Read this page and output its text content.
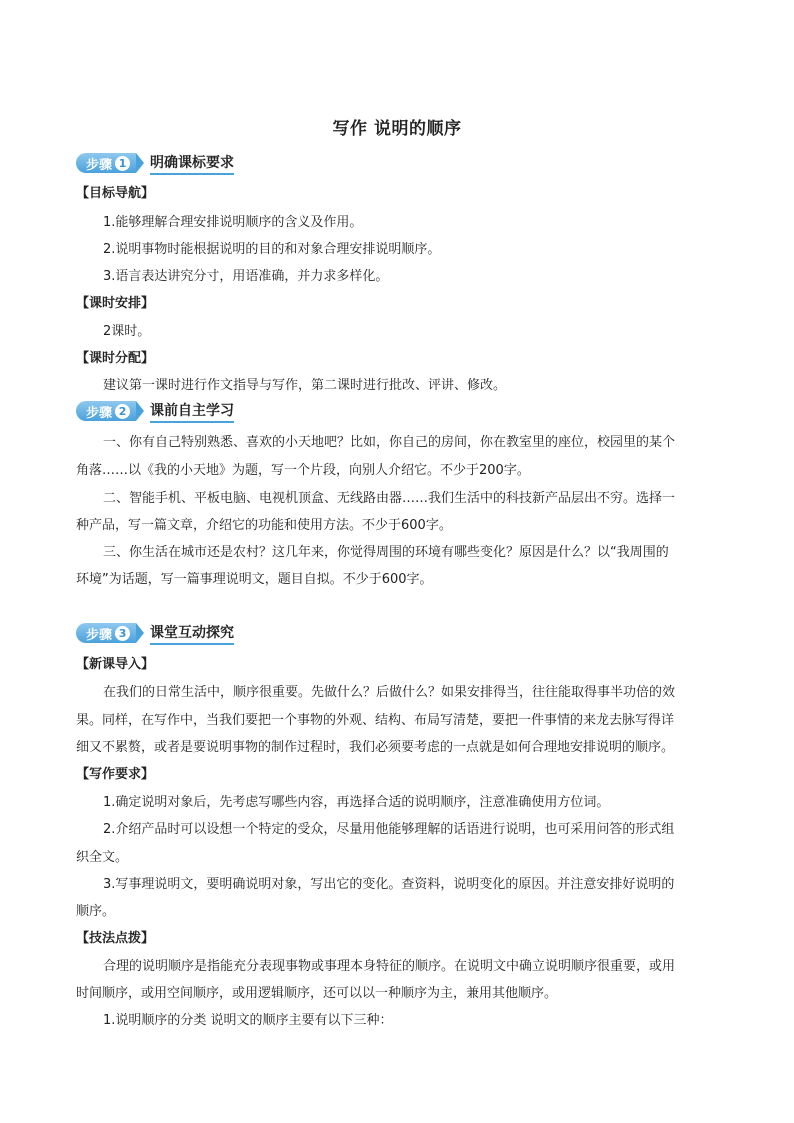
写作 说明的顺序
步骤 1 明确课标要求
【目标导航】
1.能够理解合理安排说明顺序的含义及作用。
2.说明事物时能根据说明的目的和对象合理安排说明顺序。
3.语言表达讲究分寸，用语准确，并力求多样化。
【课时安排】
2课时。
【课时分配】
建议第一课时进行作文指导与写作，第二课时进行批改、评讲、修改。
步骤 2 课前自主学习
一、你有自己特别熟悉、喜欢的小天地吧？比如，你自己的房间，你在教室里的座位，校园里的某个
角落……以《我的小天地》为题，写一个片段，向别人介绍它。不少于200字。
二、智能手机、平板电脑、电视机顶盒、无线路由器……我们生活中的科技新产品层出不穷。选择一
种产品，写一篇文章，介绍它的功能和使用方法。不少于600字。
三、你生活在城市还是农村？这几年来，你觉得周围的环境有哪些变化？原因是什么？以“我周围的
环境”为话题，写一篇事理说明文，题目自拟。不少于600字。
步骤 3 课堂互动探究
【新课导入】
在我们的日常生活中，顺序很重要。先做什么？后做什么？如果安排得当，往往能取得事半功倍的效
果。同样，在写作中，当我们要把一个事物的外观、结构、布局写清楚，要把一件事情的来龙去脉写得详
细又不累赘，或者是要说明事物的制作过程时，我们必须要考虑的一点就是如何合理地安排说明的顺序。
【写作要求】
1.确定说明对象后，先考虑写哪些内容，再选择合适的说明顺序，注意准确使用方位词。
2.介绍产品时可以设想一个特定的受众，尽量用他能够理解的话语进行说明，也可采用问答的形式组
织全文。
3.写事理说明文，要明确说明对象，写出它的变化。查资料，说明变化的原因。并注意安排好说明的
顺序。
【技法点拨】
合理的说明顺序是指能充分表现事物或事理本身特征的顺序。在说明文中确立说明顺序很重要，或用
时间顺序，或用空间顺序，或用逻辑顺序，还可以以一种顺序为主，兼用其他顺序。
1.说明顺序的分类 说明文的顺序主要有以下三种：
